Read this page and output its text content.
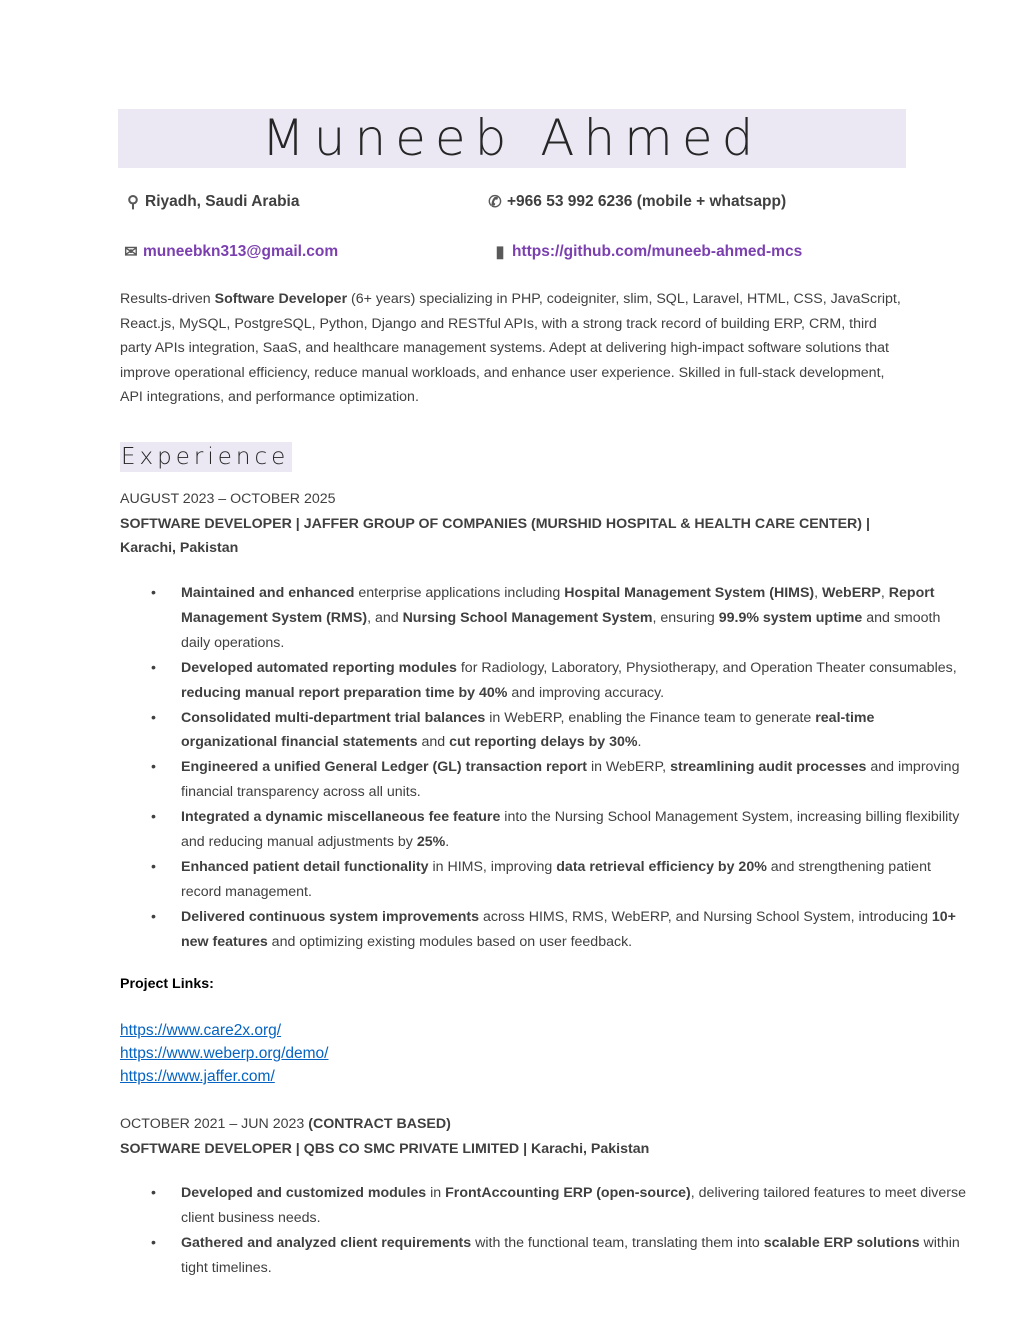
Muneeb Ahmed
⚲ Riyadh, Saudi Arabia	✆ +966 53 992 6236 (mobile + whatsapp)
✉ muneebkn313@gmail.com	▮ https://github.com/muneeb-ahmed-mcs
Results-driven Software Developer (6+ years) specializing in PHP, codeigniter, slim, SQL, Laravel, HTML, CSS, JavaScript, React.js, MySQL, PostgreSQL, Python, Django and RESTful APIs, with a strong track record of building ERP, CRM, third party APIs integration, SaaS, and healthcare management systems. Adept at delivering high-impact software solutions that improve operational efficiency, reduce manual workloads, and enhance user experience. Skilled in full-stack development, API integrations, and performance optimization.
Experience
AUGUST 2023 – OCTOBER 2025
SOFTWARE DEVELOPER | JAFFER GROUP OF COMPANIES (MURSHID HOSPITAL & HEALTH CARE CENTER) | Karachi, Pakistan
• Maintained and enhanced enterprise applications including Hospital Management System (HIMS), WebERP, Report Management System (RMS), and Nursing School Management System, ensuring 99.9% system uptime and smooth daily operations.
• Developed automated reporting modules for Radiology, Laboratory, Physiotherapy, and Operation Theater consumables, reducing manual report preparation time by 40% and improving accuracy.
• Consolidated multi-department trial balances in WebERP, enabling the Finance team to generate real-time organizational financial statements and cut reporting delays by 30%.
• Engineered a unified General Ledger (GL) transaction report in WebERP, streamlining audit processes and improving financial transparency across all units.
• Integrated a dynamic miscellaneous fee feature into the Nursing School Management System, increasing billing flexibility and reducing manual adjustments by 25%.
• Enhanced patient detail functionality in HIMS, improving data retrieval efficiency by 20% and strengthening patient record management.
• Delivered continuous system improvements across HIMS, RMS, WebERP, and Nursing School System, introducing 10+ new features and optimizing existing modules based on user feedback.
Project Links:
https://www.care2x.org/
https://www.weberp.org/demo/
https://www.jaffer.com/
OCTOBER 2021 – JUN 2023 (CONTRACT BASED)
SOFTWARE DEVELOPER | QBS CO SMC PRIVATE LIMITED | Karachi, Pakistan
• Developed and customized modules in FrontAccounting ERP (open-source), delivering tailored features to meet diverse client business needs.
• Gathered and analyzed client requirements with the functional team, translating them into scalable ERP solutions within tight timelines.
